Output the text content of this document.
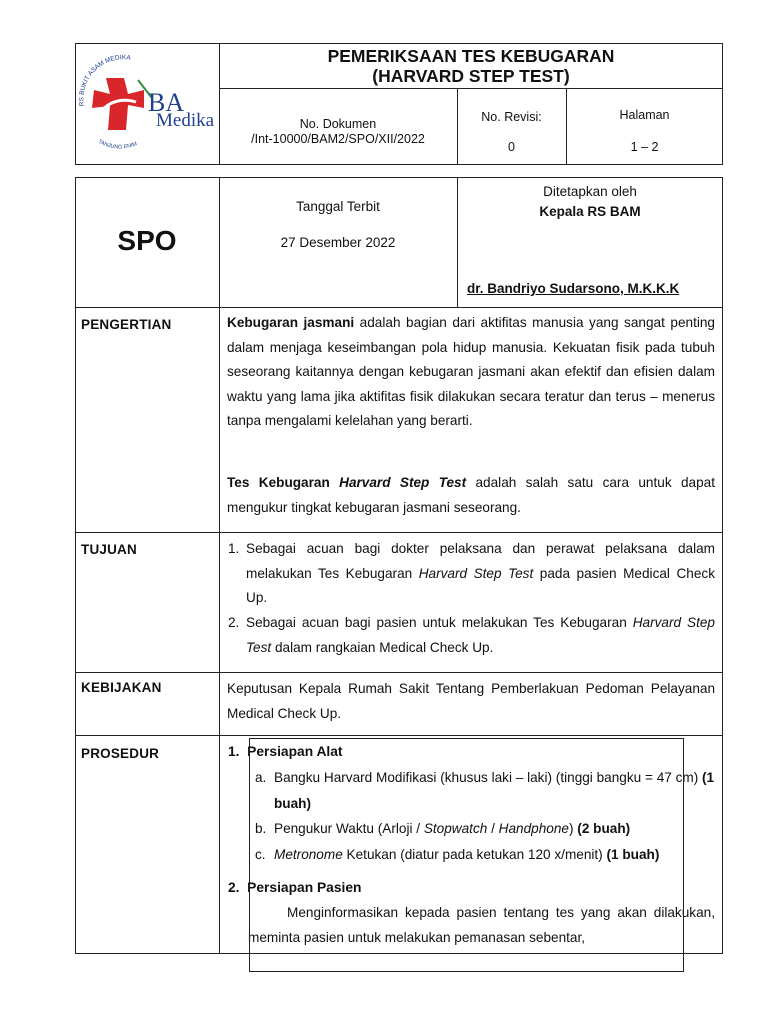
RS BUKIT ASAM MEDIKA
TANJUNG ENIM
BA
Medika
PEMERIKSAAN TES KEBUGARAN
(HARVARD STEP TEST)
No. Dokumen
/Int-10000/BAM2/SPO/XII/2022
No. Revisi:
0
Halaman
1 – 2
SPO
Tanggal Terbit
27 Desember 2022
Ditetapkan oleh
Kepala RS BAM
dr. Bandriyo Sudarsono, M.K.K.K
PENGERTIAN
TUJUAN
KEBIJAKAN
PROSEDUR
Kebugaran jasmani adalah bagian dari aktifitas manusia yang sangat penting dalam menjaga keseimbangan pola hidup manusia. Kekuatan fisik pada tubuh seseorang kaitannya dengan kebugaran jasmani akan efektif dan efisien dalam waktu yang lama jika aktifitas fisik dilakukan secara teratur dan terus – menerus tanpa mengalami kelelahan yang berarti.
Tes Kebugaran Harvard Step Test adalah salah satu cara untuk dapat mengukur tingkat kebugaran jasmani seseorang.
1. Sebagai acuan bagi dokter pelaksana dan perawat pelaksana dalam melakukan Tes Kebugaran Harvard Step Test pada pasien Medical Check Up.
2. Sebagai acuan bagi pasien untuk melakukan Tes Kebugaran Harvard Step Test dalam rangkaian Medical Check Up.
Keputusan Kepala Rumah Sakit Tentang Pemberlakuan Pedoman Pelayanan Medical Check Up.
1.  Persiapan Alat
a. Bangku Harvard Modifikasi (khusus laki – laki) (tinggi bangku = 47 cm) (1 buah)
b. Pengukur Waktu (Arloji / Stopwatch / Handphone) (2 buah)
c. Metronome Ketukan (diatur pada ketukan 120 x/menit) (1 buah)
2.  Persiapan Pasien
Menginformasikan kepada pasien tentang tes yang akan dilakukan, meminta pasien untuk melakukan pemanasan sebentar,
